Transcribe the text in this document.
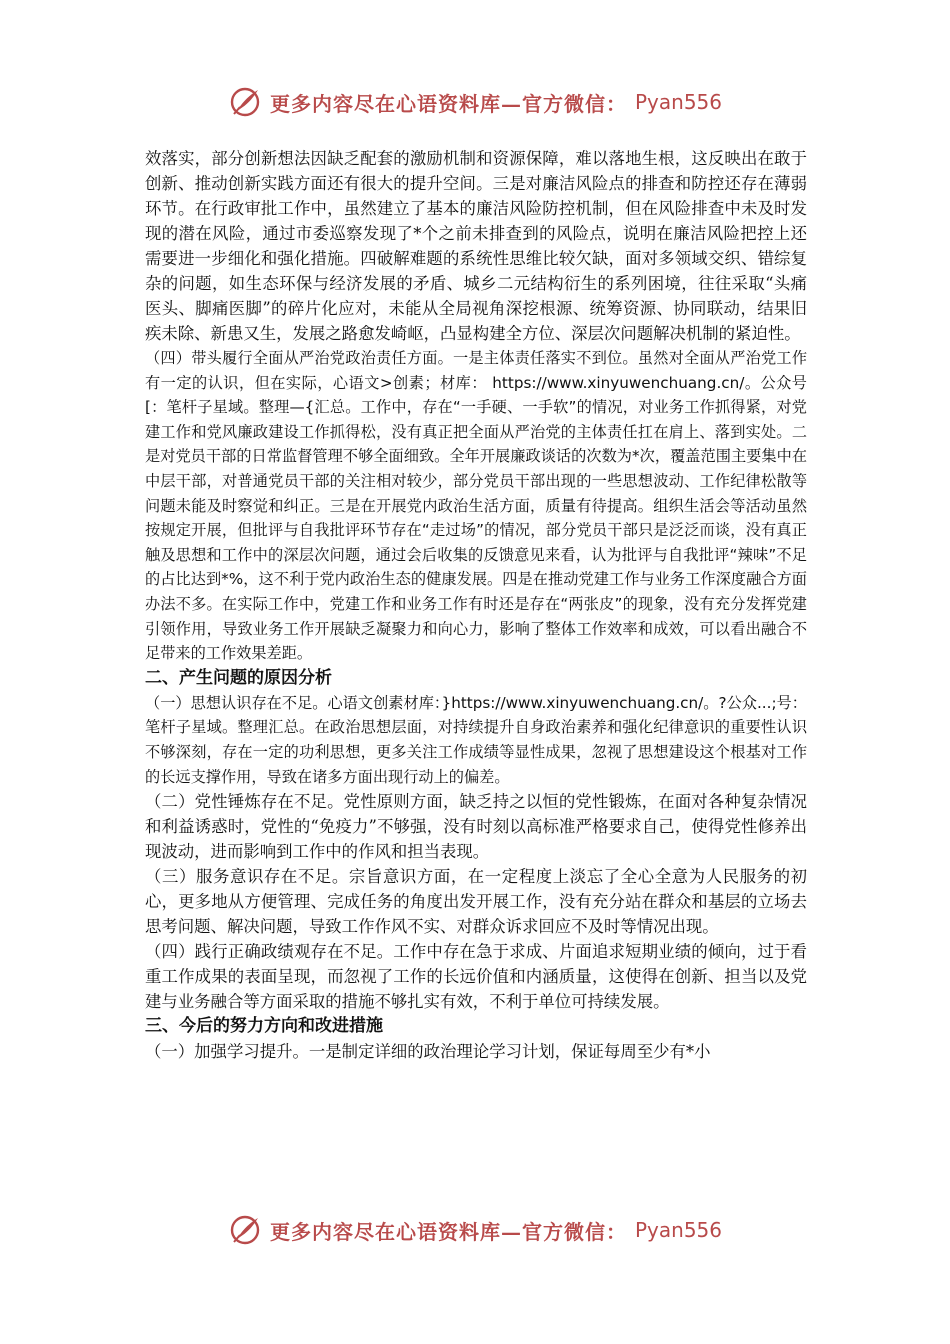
更多内容尽在心语资料库—官方微信： Pyan556

效落实，部分创新想法因缺乏配套的激励机制和资源保障，难以落地生根，这反映出在敢于创新、推动创新实践方面还有很大的提升空间。三是对廉洁风险点的排查和防控还存在薄弱环节。在行政审批工作中，虽然建立了基本的廉洁风险防控机制，但在风险排查中未及时发现的潜在风险，通过市委巡察发现了*个之前未排查到的风险点，说明在廉洁风险把控上还需要进一步细化和强化措施。四破解难题的系统性思维比较欠缺，面对多领域交织、错综复杂的问题，如生态环保与经济发展的矛盾、城乡二元结构衍生的系列困境，往往采取“头痛医头、脚痛医脚”的碎片化应对，未能从全局视角深挖根源、统筹资源、协同联动，结果旧疾未除、新患又生，发展之路愈发崎岖，凸显构建全方位、深层次问题解决机制的紧迫性。

（四）带头履行全面从严治党政治责任方面。一是主体责任落实不到位。虽然对全面从严治党工作有一定的认识，但在实际，心语文>创素；材库： https://www.xinyuwenchuang.cn/。公众号[：笔杆子星域。整理—{汇总。工作中，存在“一手硬、一手软”的情况，对业务工作抓得紧，对党建工作和党风廉政建设工作抓得松，没有真正把全面从严治党的主体责任扛在肩上、落到实处。二是对党员干部的日常监督管理不够全面细致。全年开展廉政谈话的次数为*次，覆盖范围主要集中在中层干部，对普通党员干部的关注相对较少，部分党员干部出现的一些思想波动、工作纪律松散等问题未能及时察觉和纠正。三是在开展党内政治生活方面，质量有待提高。组织生活会等活动虽然按规定开展，但批评与自我批评环节存在“走过场”的情况，部分党员干部只是泛泛而谈，没有真正触及思想和工作中的深层次问题，通过会后收集的反馈意见来看，认为批评与自我批评“辣味”不足的占比达到*%，这不利于党内政治生态的健康发展。四是在推动党建工作与业务工作深度融合方面办法不多。在实际工作中，党建工作和业务工作有时还是存在“两张皮”的现象，没有充分发挥党建引领作用，导致业务工作开展缺乏凝聚力和向心力，影响了整体工作效率和成效，可以看出融合不足带来的工作效果差距。

二、产生问题的原因分析

（一）思想认识存在不足。心语文创素材库：}https://www.xinyuwenchuang.cn/。?公众...;号：笔杆子星域。整理汇总。在政治思想层面，对持续提升自身政治素养和强化纪律意识的重要性认识不够深刻，存在一定的功利思想，更多关注工作成绩等显性成果，忽视了思想建设这个根基对工作的长远支撑作用，导致在诸多方面出现行动上的偏差。

（二）党性锤炼存在不足。党性原则方面，缺乏持之以恒的党性锻炼，在面对各种复杂情况和利益诱惑时，党性的“免疫力”不够强，没有时刻以高标准严格要求自己，使得党性修养出现波动，进而影响到工作中的作风和担当表现。

（三）服务意识存在不足。宗旨意识方面，在一定程度上淡忘了全心全意为人民服务的初心，更多地从方便管理、完成任务的角度出发开展工作，没有充分站在群众和基层的立场去思考问题、解决问题，导致工作作风不实、对群众诉求回应不及时等情况出现。

（四）践行正确政绩观存在不足。工作中存在急于求成、片面追求短期业绩的倾向，过于看重工作成果的表面呈现，而忽视了工作的长远价值和内涵质量，这使得在创新、担当以及党建与业务融合等方面采取的措施不够扎实有效，不利于单位可持续发展。

三、今后的努力方向和改进措施

（一）加强学习提升。一是制定详细的政治理论学习计划，保证每周至少有*小

更多内容尽在心语资料库—官方微信： Pyan556
